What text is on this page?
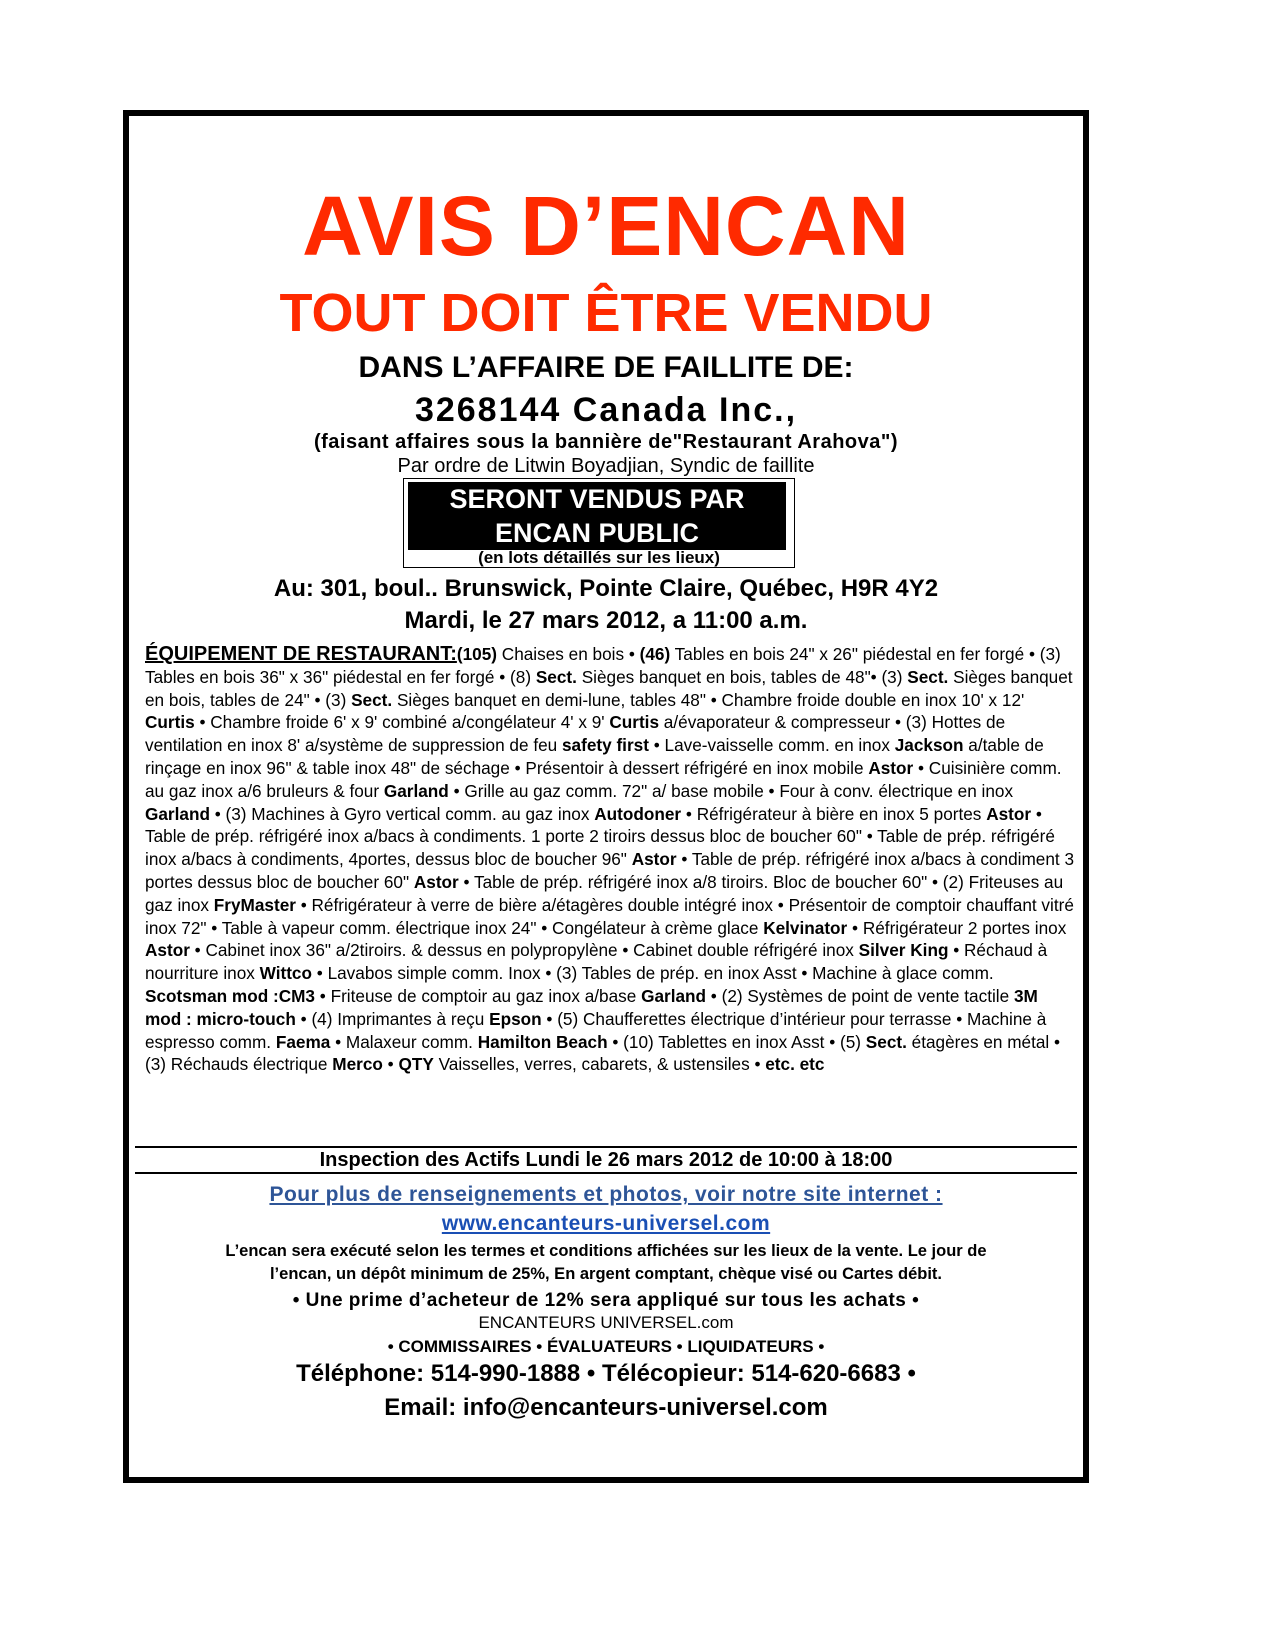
AVIS D’ENCAN
TOUT DOIT ÊTRE VENDU
DANS L’AFFAIRE DE FAILLITE DE:
3268144 Canada Inc.,
(faisant affaires sous la bannière de"Restaurant Arahova")
Par ordre de Litwin Boyadjian, Syndic de faillite
SERONT VENDUS PAR
ENCAN PUBLIC
(en lots détaillés sur les lieux)
Au: 301, boul.. Brunswick, Pointe Claire, Québec, H9R 4Y2
Mardi, le 27 mars 2012, a 11:00 a.m.
ÉQUIPEMENT DE RESTAURANT:(105) Chaises en bois • (46) Tables en bois 24" x 26" piédestal en fer forgé • (3) Tables en bois 36" x 36" piédestal en fer forgé • (8) Sect. Sièges banquet en bois, tables de 48"• (3) Sect. Sièges banquet en bois, tables de 24" • (3) Sect. Sièges banquet en demi-lune, tables 48" • Chambre froide double en inox 10' x 12' Curtis • Chambre froide 6' x 9' combiné a/congélateur 4' x 9' Curtis a/évaporateur & compresseur • (3) Hottes de ventilation en inox 8' a/système de suppression de feu safety first • Lave-vaisselle comm. en inox Jackson a/table de rinçage en inox 96" & table inox 48" de séchage • Présentoir à dessert réfrigéré en inox mobile Astor • Cuisinière comm. au gaz inox a/6 bruleurs & four Garland • Grille au gaz comm. 72" a/ base mobile • Four à conv. électrique en inox Garland • (3) Machines à Gyro vertical comm. au gaz inox Autodoner • Réfrigérateur à bière en inox 5 portes Astor • Table de prép. réfrigéré inox a/bacs à condiments. 1 porte 2 tiroirs dessus bloc de boucher 60" • Table de prép. réfrigéré inox a/bacs à condiments, 4portes, dessus bloc de boucher 96" Astor • Table de prép. réfrigéré inox a/bacs à condiment 3 portes dessus bloc de boucher 60" Astor • Table de prép. réfrigéré inox a/8 tiroirs. Bloc de boucher 60" • (2) Friteuses au gaz inox FryMaster • Réfrigérateur à verre de bière a/étagères double intégré inox • Présentoir de comptoir chauffant vitré inox 72" • Table à vapeur comm. électrique inox 24" • Congélateur à crème glace Kelvinator • Réfrigérateur 2 portes inox Astor • Cabinet inox 36" a/2tiroirs. & dessus en polypropylène • Cabinet double réfrigéré inox Silver King • Réchaud à nourriture inox Wittco • Lavabos simple comm. Inox • (3) Tables de prép. en inox Asst • Machine à glace comm. Scotsman mod :CM3 • Friteuse de comptoir au gaz inox a/base Garland • (2) Systèmes de point de vente tactile 3M mod : micro-touch • (4) Imprimantes à reçu Epson • (5) Chaufferettes électrique d’intérieur pour terrasse • Machine à espresso comm. Faema • Malaxeur comm. Hamilton Beach • (10) Tablettes en inox Asst • (5) Sect. étagères en métal • (3) Réchauds électrique Merco • QTY Vaisselles, verres, cabarets, & ustensiles • etc. etc
Inspection des Actifs Lundi le 26 mars 2012 de 10:00 à 18:00
Pour plus de renseignements et photos, voir notre site internet :
www.encanteurs-universel.com
L’encan sera exécuté selon les termes et conditions affichées sur les lieux de la vente. Le jour de
l’encan, un dépôt minimum de 25%, En argent comptant, chèque visé ou Cartes débit.
• Une prime d’acheteur de 12% sera appliqué sur tous les achats •
ENCANTEURS UNIVERSEL.com
• COMMISSAIRES • ÉVALUATEURS • LIQUIDATEURS •
Téléphone: 514-990-1888 • Télécopieur: 514-620-6683 •
Email: info@encanteurs-universel.com
